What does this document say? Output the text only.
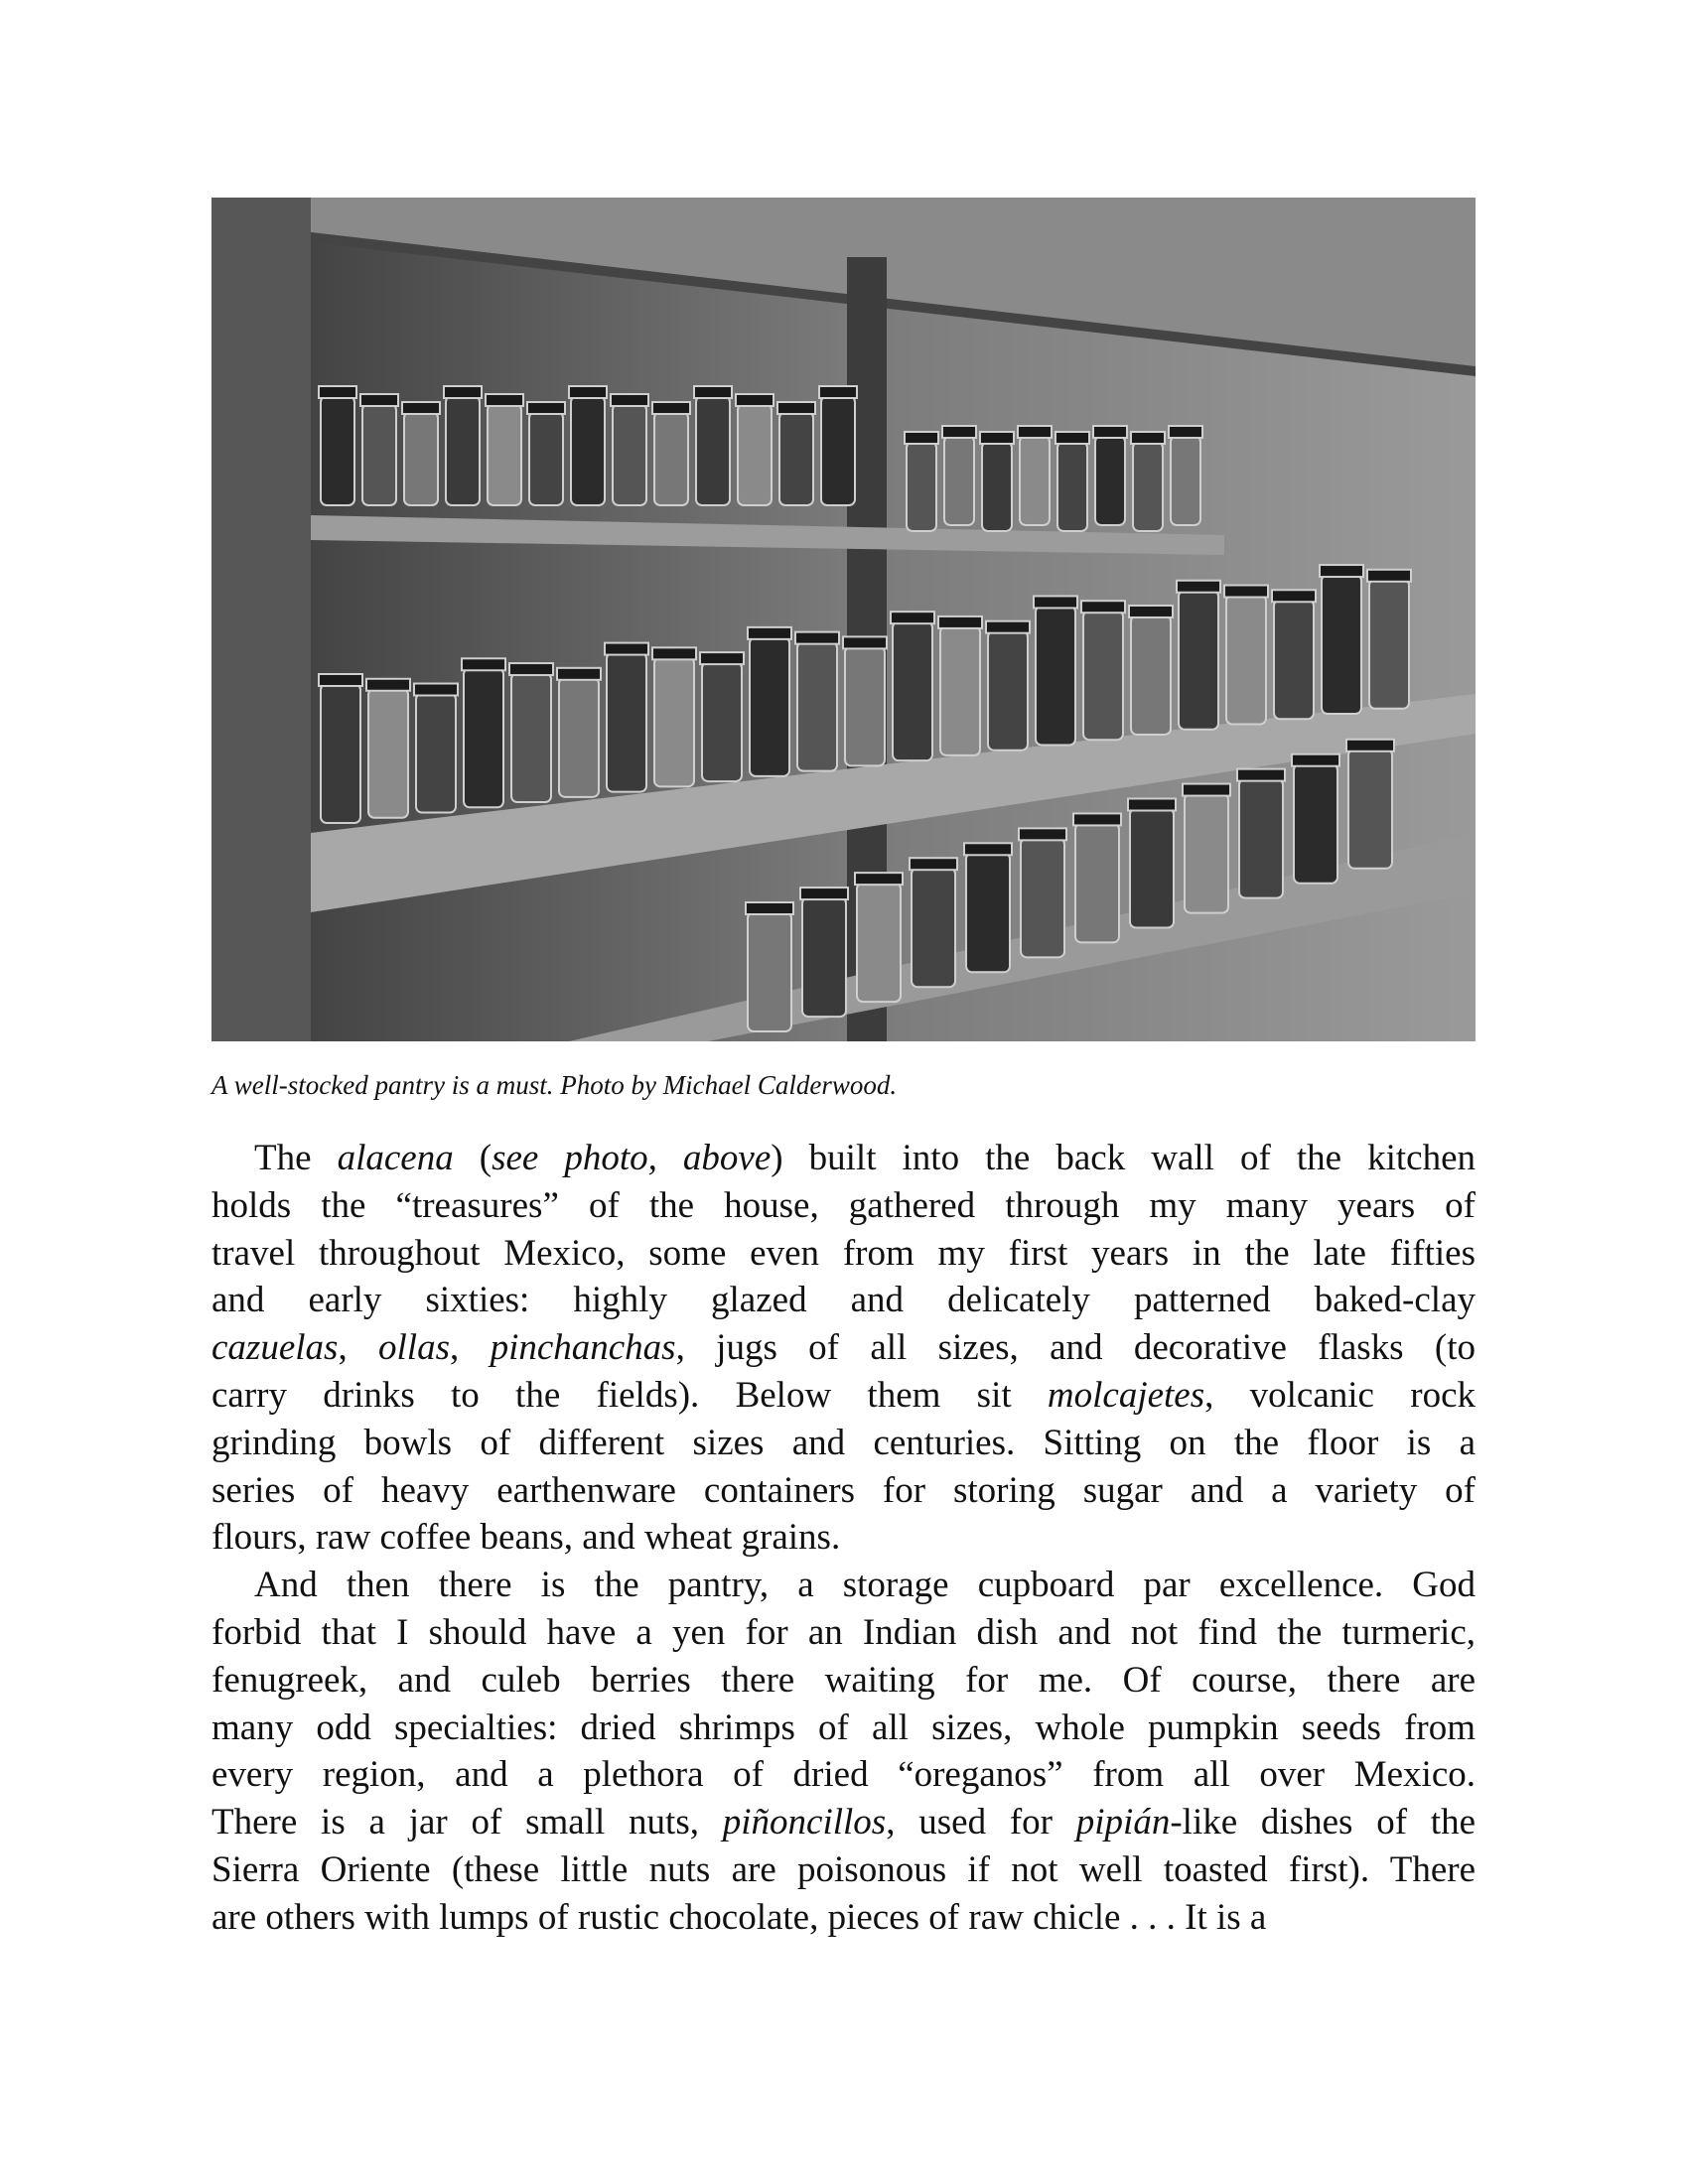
A well-stocked pantry is a must. Photo by Michael Calderwood.
The alacena (see photo, above) built into the back wall of the kitchen
holds the “treasures” of the house, gathered through my many years of
travel throughout Mexico, some even from my first years in the late fifties
and early sixties: highly glazed and delicately patterned baked-clay
cazuelas, ollas, pinchanchas, jugs of all sizes, and decorative flasks (to
carry drinks to the fields). Below them sit molcajetes, volcanic rock
grinding bowls of different sizes and centuries. Sitting on the floor is a
series of heavy earthenware containers for storing sugar and a variety of
flours, raw coffee beans, and wheat grains.
And then there is the pantry, a storage cupboard par excellence. God
forbid that I should have a yen for an Indian dish and not find the turmeric,
fenugreek, and culeb berries there waiting for me. Of course, there are
many odd specialties: dried shrimps of all sizes, whole pumpkin seeds from
every region, and a plethora of dried “oreganos” from all over Mexico.
There is a jar of small nuts, piñoncillos, used for pipián-like dishes of the
Sierra Oriente (these little nuts are poisonous if not well toasted first). There
are others with lumps of rustic chocolate, pieces of raw chicle . . . It is a
